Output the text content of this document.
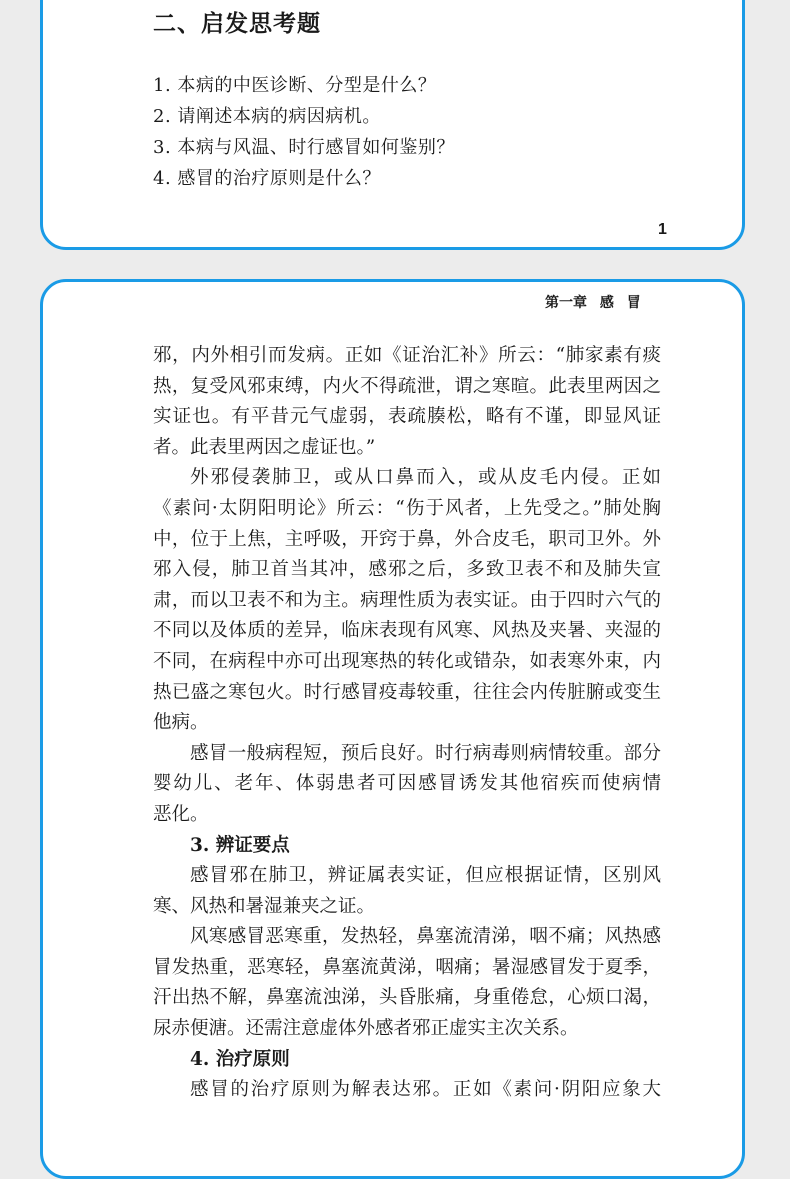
二、启发思考题
1. 本病的中医诊断、分型是什么？
2. 请阐述本病的病因病机。
3. 本病与风温、时行感冒如何鉴别？
4. 感冒的治疗原则是什么？
1
第一章 感 冒
邪，内外相引而发病。正如《证治汇补》所云：“肺家素有痰
热，复受风邪束缚，内火不得疏泄，谓之寒暄。此表里两因之
实证也。有平昔元气虚弱，表疏腠松，略有不谨，即显风证
者。此表里两因之虚证也。”
外邪侵袭肺卫，或从口鼻而入，或从皮毛内侵。正如
《素问·太阴阳明论》所云：“伤于风者，上先受之。”肺处胸
中，位于上焦，主呼吸，开窍于鼻，外合皮毛，职司卫外。外
邪入侵，肺卫首当其冲，感邪之后，多致卫表不和及肺失宣
肃，而以卫表不和为主。病理性质为表实证。由于四时六气的
不同以及体质的差异，临床表现有风寒、风热及夹暑、夹湿的
不同，在病程中亦可出现寒热的转化或错杂，如表寒外束，内
热已盛之寒包火。时行感冒疫毒较重，往往会内传脏腑或变生
他病。
感冒一般病程短，预后良好。时行病毒则病情较重。部分
婴幼儿、老年、体弱患者可因感冒诱发其他宿疾而使病情
恶化。
3. 辨证要点
感冒邪在肺卫，辨证属表实证，但应根据证情，区别风
寒、风热和暑湿兼夹之证。
风寒感冒恶寒重，发热轻，鼻塞流清涕，咽不痛；风热感
冒发热重，恶寒轻，鼻塞流黄涕，咽痛；暑湿感冒发于夏季，
汗出热不解，鼻塞流浊涕，头昏胀痛，身重倦怠，心烦口渴，
尿赤便溏。还需注意虚体外感者邪正虚实主次关系。
4. 治疗原则
感冒的治疗原则为解表达邪。正如《素问·阴阳应象大
